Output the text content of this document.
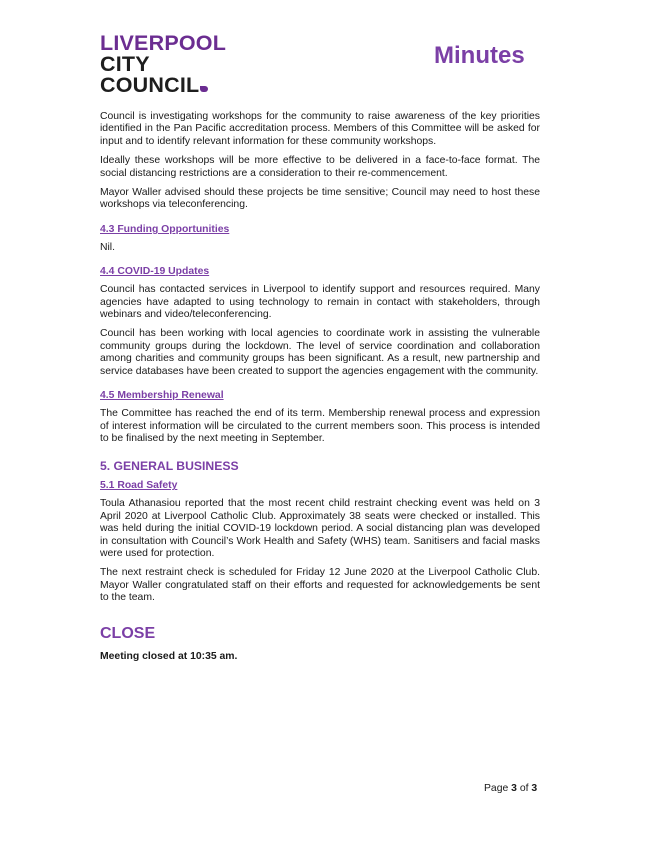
LIVERPOOL
CITY
COUNCIL
Minutes

Council is investigating workshops for the community to raise awareness of the key priorities identified in the Pan Pacific accreditation process. Members of this Committee will be asked for input and to identify relevant information for these community workshops.

Ideally these workshops will be more effective to be delivered in a face-to-face format. The social distancing restrictions are a consideration to their re-commencement.

Mayor Waller advised should these projects be time sensitive; Council may need to host these workshops via teleconferencing.

4.3 Funding Opportunities

Nil.

4.4 COVID-19 Updates

Council has contacted services in Liverpool to identify support and resources required. Many agencies have adapted to using technology to remain in contact with stakeholders, through webinars and video/teleconferencing.

Council has been working with local agencies to coordinate work in assisting the vulnerable community groups during the lockdown. The level of service coordination and collaboration among charities and community groups has been significant. As a result, new partnership and service databases have been created to support the agencies engagement with the community.

4.5 Membership Renewal

The Committee has reached the end of its term. Membership renewal process and expression of interest information will be circulated to the current members soon. This process is intended to be finalised by the next meeting in September.

5. GENERAL BUSINESS
5.1 Road Safety

Toula Athanasiou reported that the most recent child restraint checking event was held on 3 April 2020 at Liverpool Catholic Club. Approximately 38 seats were checked or installed. This was held during the initial COVID-19 lockdown period. A social distancing plan was developed in consultation with Council’s Work Health and Safety (WHS) team. Sanitisers and facial masks were used for protection.

The next restraint check is scheduled for Friday 12 June 2020 at the Liverpool Catholic Club. Mayor Waller congratulated staff on their efforts and requested for acknowledgements be sent to the team.

CLOSE

Meeting closed at 10:35 am.

Page 3 of 3
